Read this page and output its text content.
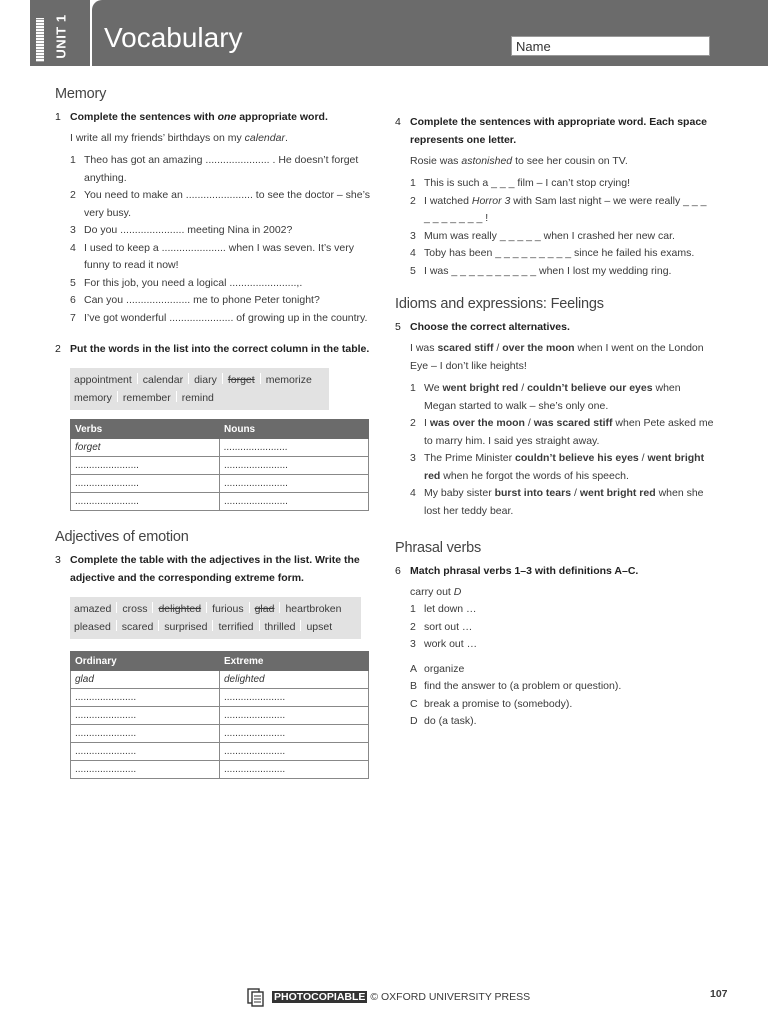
UNIT 1 Vocabulary	Name
Memory
1 Complete the sentences with one appropriate word.
I write all my friends’ birthdays on my calendar.
1 Theo has got an amazing ...................... . He doesn’t forget anything.
2 You need to make an ....................... to see the doctor – she’s very busy.
3 Do you ...................... meeting Nina in 2002?
4 I used to keep a ...................... when I was seven. It’s very funny to read it now!
5 For this job, you need a logical .......................,.
6 Can you ...................... me to phone Peter tonight?
7 I’ve got wonderful ...................... of growing up in the country.
2 Put the words in the list into the correct column in the table.
appointment calendar diary forget memorize
memory remember remind
Verbs	Nouns
forget	.......................
.......................	.......................
.......................	.......................
.......................	.......................
Adjectives of emotion
3 Complete the table with the adjectives in the list. Write the adjective and the corresponding extreme form.
amazed cross delighted furious glad heartbroken
pleased scared surprised terrified thrilled upset
Ordinary	Extreme
glad	delighted
......................	......................
......................	......................
......................	......................
......................	......................
......................	......................
4 Complete the sentences with appropriate word. Each space represents one letter.
Rosie was astonished to see her cousin on TV.
1 This is such a _ _ _ film – I can’t stop crying!
2 I watched Horror 3 with Sam last night – we were really _ _ _ _ _ _ _ _ _ _ !
3 Mum was really _ _ _ _ _ when I crashed her new car.
4 Toby has been _ _ _ _ _ _ _ _ _ since he failed his exams.
5 I was _ _ _ _ _ _ _ _ _ _ when I lost my wedding ring.
Idioms and expressions: Feelings
5 Choose the correct alternatives.
I was scared stiff / over the moon when I went on the London Eye – I don’t like heights!
1 We went bright red / couldn’t believe our eyes when Megan started to walk – she’s only one.
2 I was over the moon / was scared stiff when Pete asked me to marry him. I said yes straight away.
3 The Prime Minister couldn’t believe his eyes / went bright red when he forgot the words of his speech.
4 My baby sister burst into tears / went bright red when she lost her teddy bear.
Phrasal verbs
6 Match phrasal verbs 1–3 with definitions A–C.
carry out D
1 let down …
2 sort out …
3 work out …
A organize
B find the answer to (a problem or question).
C break a promise to (somebody).
D do (a task).
PHOTOCOPIABLE © OXFORD UNIVERSITY PRESS	107
